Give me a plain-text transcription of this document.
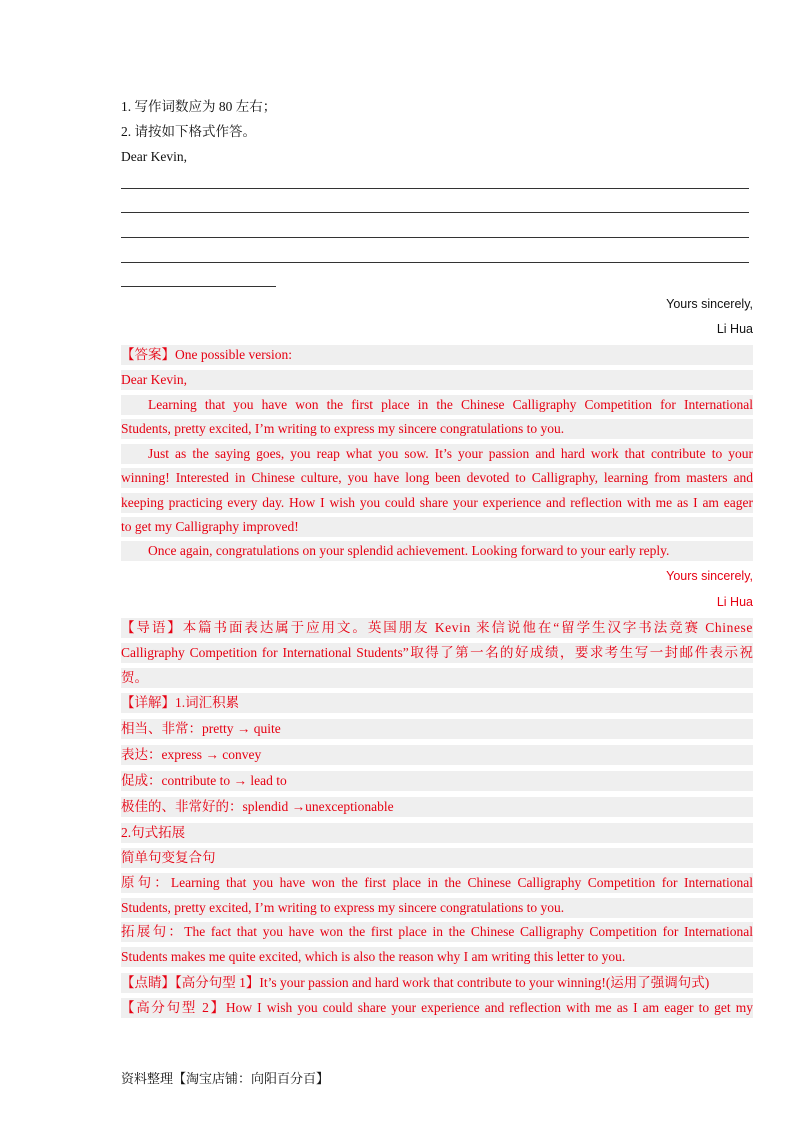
1. 写作词数应为 80 左右；
2. 请按如下格式作答。
Dear Kevin,
Yours sincerely,
Li Hua
【答案】One possible version:
Dear Kevin,
Learning that you have won the first place in the Chinese Calligraphy Competition for International
Students, pretty excited, I’m writing to express my sincere congratulations to you.
Just as the saying goes, you reap what you sow. It’s your passion and hard work that contribute to your
winning! Interested in Chinese culture, you have long been devoted to Calligraphy, learning from masters and
keeping practicing every day. How I wish you could share your experience and reflection with me as I am eager
to get my Calligraphy improved!
Once again, congratulations on your splendid achievement. Looking forward to your early reply.
Yours sincerely,
Li Hua
【导语】本篇书面表达属于应用文。英国朋友 Kevin 来信说他在“留学生汉字书法竞赛 Chinese
Calligraphy Competition for International Students”取得了第一名的好成绩，要求考生写一封邮件表示祝
贺。
【详解】1.词汇积累
相当、非常：pretty → quite
表达：express → convey
促成：contribute to → lead to
极佳的、非常好的：splendid →unexceptionable
2.句式拓展
简单句变复合句
原句：Learning that you have won the first place in the Chinese Calligraphy Competition for International
Students, pretty excited, I’m writing to express my sincere congratulations to you.
拓展句：The fact that you have won the first place in the Chinese Calligraphy Competition for International
Students makes me quite excited, which is also the reason why I am writing this letter to you.
【点睛】【高分句型 1】It’s your passion and hard work that contribute to your winning!(运用了强调句式)
【高分句型 2】How I wish you could share your experience and reflection with me as I am eager to get my
资料整理【淘宝店铺：向阳百分百】
